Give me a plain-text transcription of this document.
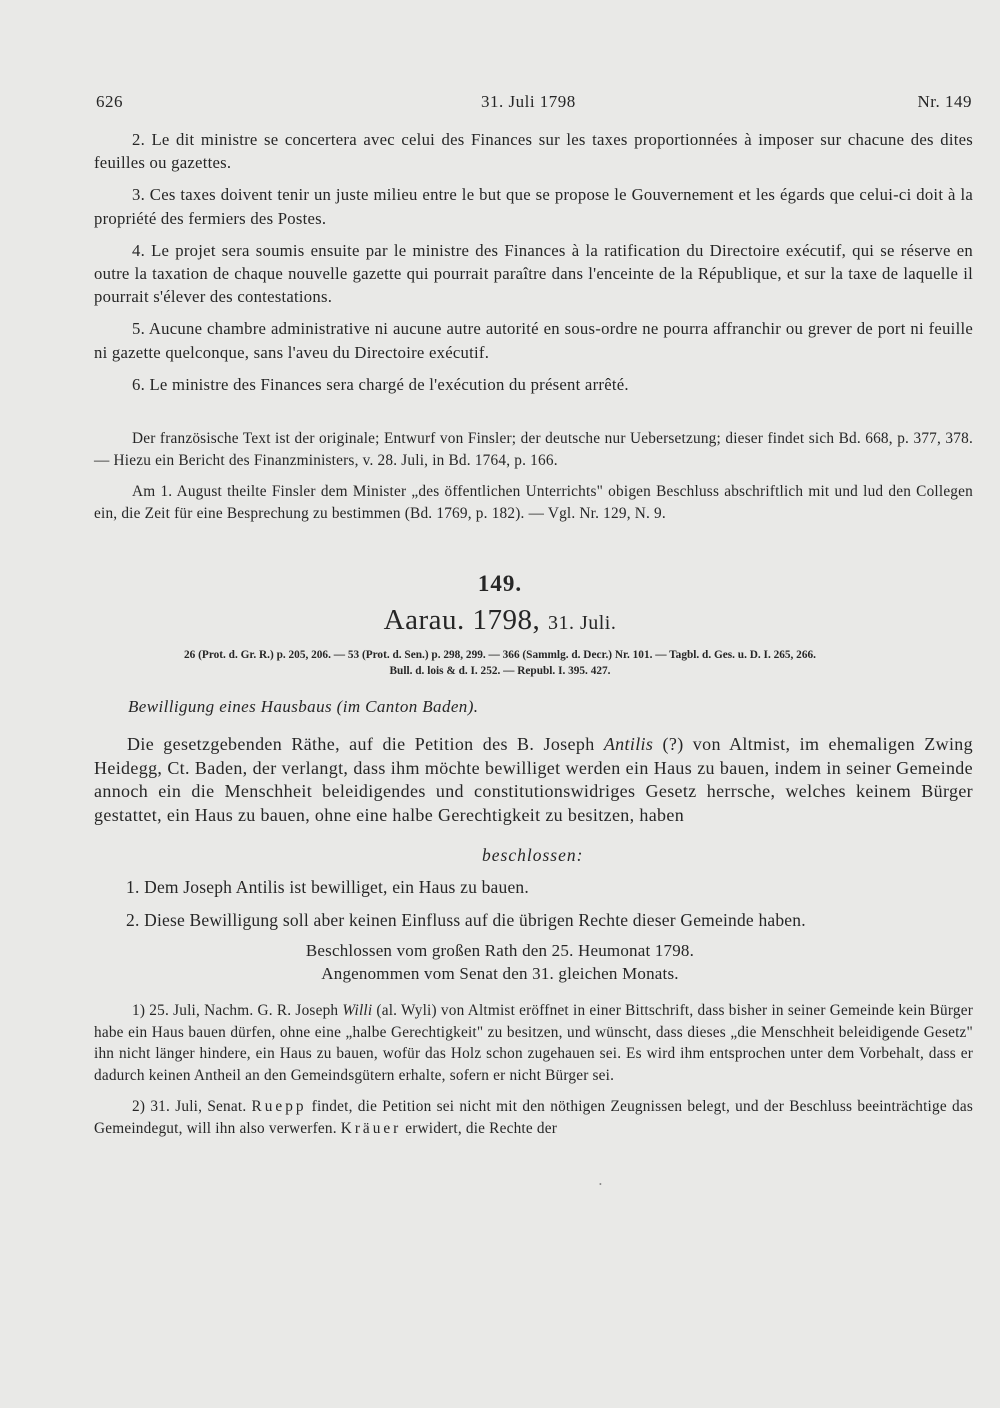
626	31. Juli 1798	Nr. 149
2. Le dit ministre se concertera avec celui des Finances sur les taxes proportionnées à imposer sur chacune des dites feuilles ou gazettes.
3. Ces taxes doivent tenir un juste milieu entre le but que se propose le Gouvernement et les égards que celui-ci doit à la propriété des fermiers des Postes.
4. Le projet sera soumis ensuite par le ministre des Finances à la ratification du Directoire exécutif, qui se réserve en outre la taxation de chaque nouvelle gazette qui pourrait paraître dans l'enceinte de la République, et sur la taxe de laquelle il pourrait s'élever des contestations.
5. Aucune chambre administrative ni aucune autre autorité en sous-ordre ne pourra affranchir ou grever de port ni feuille ni gazette quelconque, sans l'aveu du Directoire exécutif.
6. Le ministre des Finances sera chargé de l'exécution du présent arrêté.
Der französische Text ist der originale; Entwurf von Finsler; der deutsche nur Uebersetzung; dieser findet sich Bd. 668, p. 377, 378. — Hiezu ein Bericht des Finanzministers, v. 28. Juli, in Bd. 1764, p. 166.
Am 1. August theilte Finsler dem Minister „des öffentlichen Unterrichts" obigen Beschluss abschriftlich mit und lud den Collegen ein, die Zeit für eine Besprechung zu bestimmen (Bd. 1769, p. 182). — Vgl. Nr. 129, N. 9.
149.
Aarau. 1798, 31. Juli.
26 (Prot. d. Gr. R.) p. 205, 206. — 53 (Prot. d. Sen.) p. 298, 299. — 366 (Sammlg. d. Decr.) Nr. 101. — Tagbl. d. Ges. u. D. I. 265, 266.
Bull. d. lois & d. I. 252. — Republ. I. 395. 427.
Bewilligung eines Hausbaus (im Canton Baden).
Die gesetzgebenden Räthe, auf die Petition des B. Joseph Antilis (?) von Altmist, im ehemaligen Zwing Heidegg, Ct. Baden, der verlangt, dass ihm möchte bewilliget werden ein Haus zu bauen, indem in seiner Gemeinde annoch ein die Menschheit beleidigendes und constitutionswidriges Gesetz herrsche, welches keinem Bürger gestattet, ein Haus zu bauen, ohne eine halbe Gerechtigkeit zu besitzen, haben
beschlossen:
1. Dem Joseph Antilis ist bewilliget, ein Haus zu bauen.
2. Diese Bewilligung soll aber keinen Einfluss auf die übrigen Rechte dieser Gemeinde haben.
Beschlossen vom großen Rath den 25. Heumonat 1798.
Angenommen vom Senat den 31. gleichen Monats.
1) 25. Juli, Nachm. G. R. Joseph Willi (al. Wyli) von Altmist eröffnet in einer Bittschrift, dass bisher in seiner Gemeinde kein Bürger habe ein Haus bauen dürfen, ohne eine „halbe Gerechtigkeit" zu besitzen, und wünscht, dass dieses „die Menschheit beleidigende Gesetz" ihn nicht länger hindere, ein Haus zu bauen, wofür das Holz schon zugehauen sei. Es wird ihm entsprochen unter dem Vorbehalt, dass er dadurch keinen Antheil an den Gemeindsgütern erhalte, sofern er nicht Bürger sei.
2) 31. Juli, Senat. Ruepp findet, die Petition sei nicht mit den nöthigen Zeugnissen belegt, und der Beschluss beeinträchtige das Gemeindegut, will ihn also verwerfen. Kräuer erwidert, die Rechte der
•
